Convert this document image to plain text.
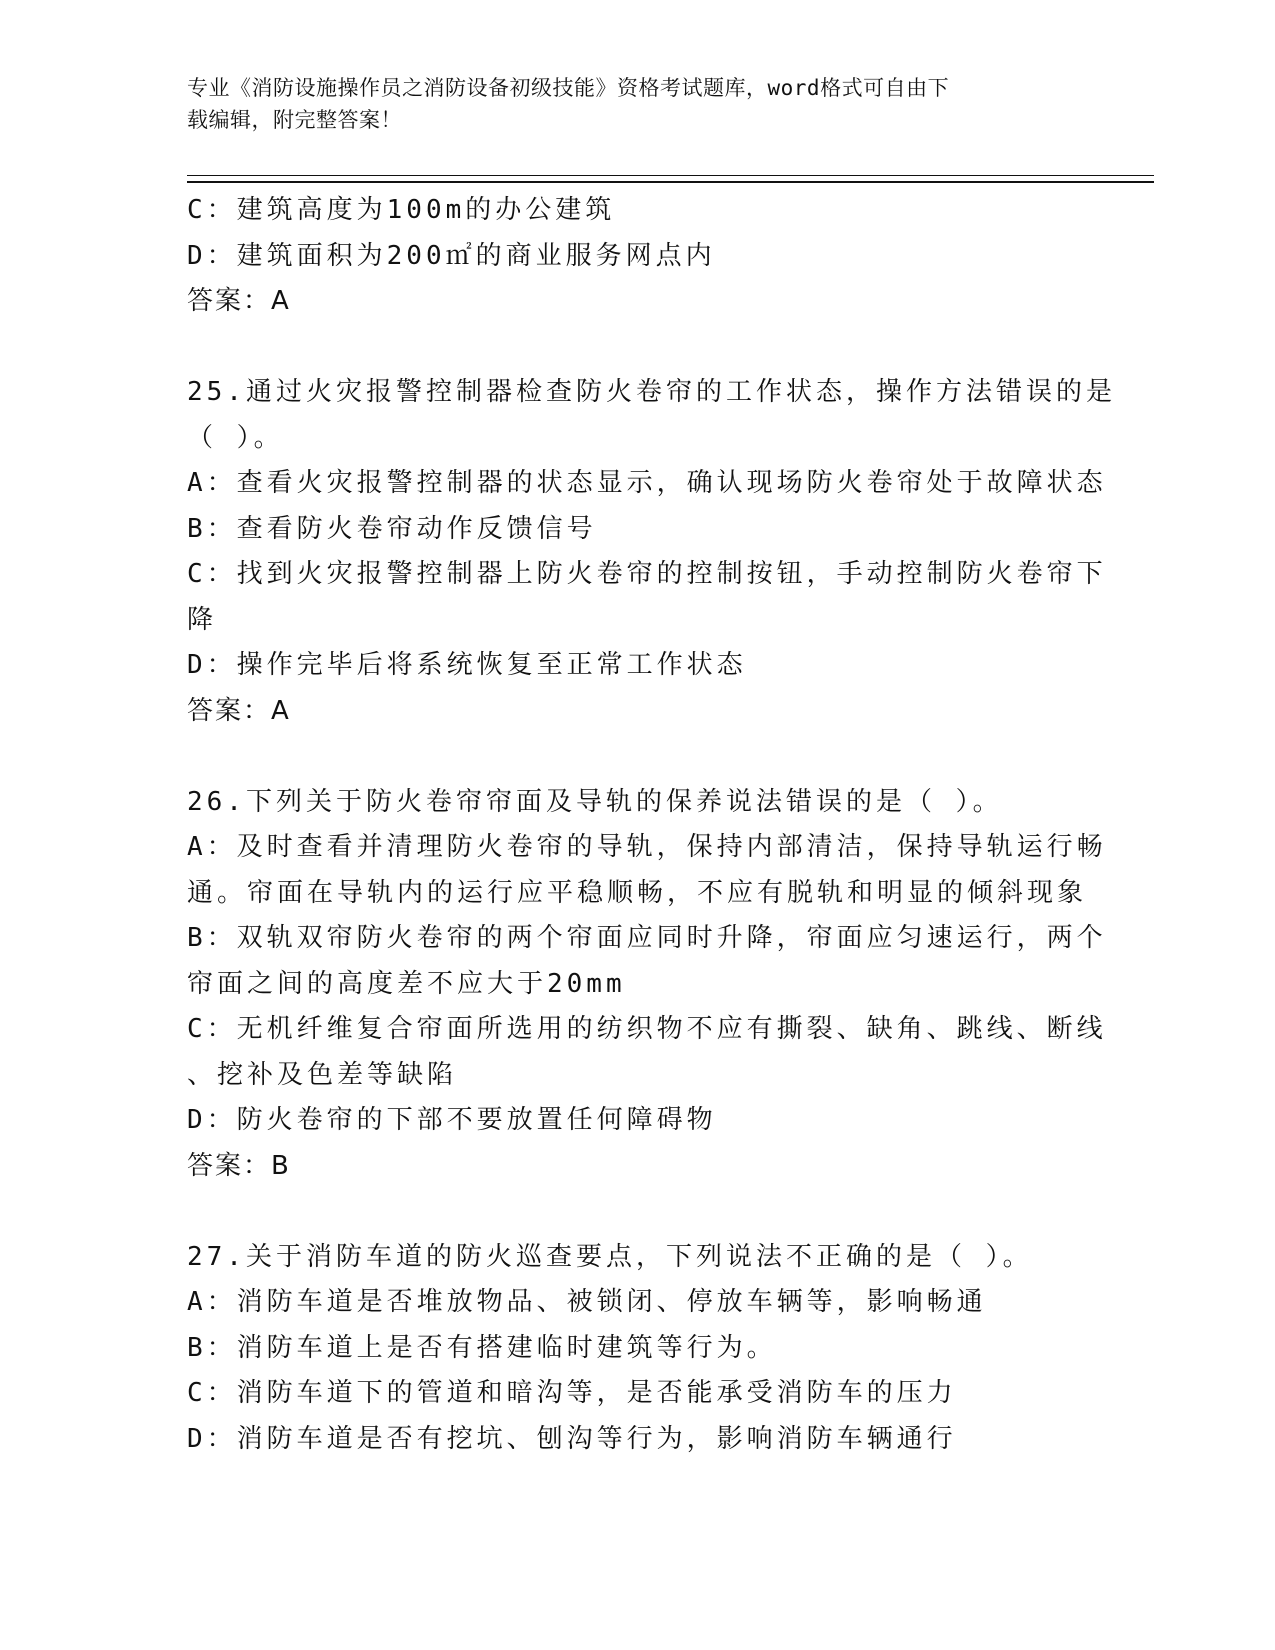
专业《消防设施操作员之消防设备初级技能》资格考试题库，word格式可自由下
载编辑，附完整答案！
C：建筑高度为100m的办公建筑
D：建筑面积为200㎡的商业服务网点内
答案：A
25.通过火灾报警控制器检查防火卷帘的工作状态，操作方法错误的是
（ ）。
A：查看火灾报警控制器的状态显示，确认现场防火卷帘处于故障状态
B：查看防火卷帘动作反馈信号
C：找到火灾报警控制器上防火卷帘的控制按钮，手动控制防火卷帘下
降
D：操作完毕后将系统恢复至正常工作状态
答案：A
26.下列关于防火卷帘帘面及导轨的保养说法错误的是（ ）。
A：及时查看并清理防火卷帘的导轨，保持内部清洁，保持导轨运行畅
通。帘面在导轨内的运行应平稳顺畅，不应有脱轨和明显的倾斜现象
B：双轨双帘防火卷帘的两个帘面应同时升降，帘面应匀速运行，两个
帘面之间的高度差不应大于20mm
C：无机纤维复合帘面所选用的纺织物不应有撕裂、缺角、跳线、断线
、挖补及色差等缺陷
D：防火卷帘的下部不要放置任何障碍物
答案：B
27.关于消防车道的防火巡查要点，下列说法不正确的是（ ）。
A：消防车道是否堆放物品、被锁闭、停放车辆等，影响畅通
B：消防车道上是否有搭建临时建筑等行为。
C：消防车道下的管道和暗沟等，是否能承受消防车的压力
D：消防车道是否有挖坑、刨沟等行为，影响消防车辆通行
